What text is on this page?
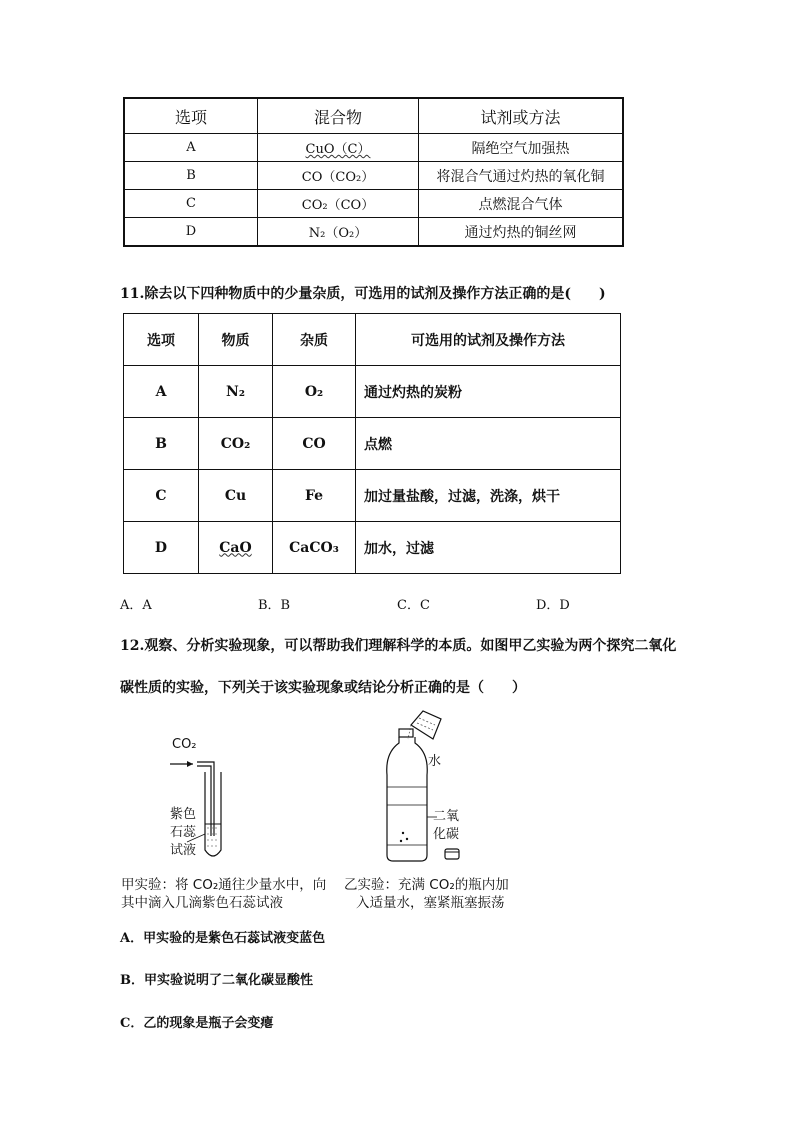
选项	混合物	试剂或方法
A	CuO（C）	隔绝空气加强热
B	CO（CO₂）	将混合气通过灼热的氧化铜
C	CO₂（CO）	点燃混合气体
D	N₂（O₂）	通过灼热的铜丝网
11.除去以下四种物质中的少量杂质，可选用的试剂及操作方法正确的是(　　)
选项	物质	杂质	可选用的试剂及操作方法
A	N₂	O₂	通过灼热的炭粉
B	CO₂	CO	点燃
C	Cu	Fe	加过量盐酸，过滤，洗涤，烘干
D	CaO	CaCO₃	加水，过滤
A．A	B．B	C．C	D．D
12.观察、分析实验现象，可以帮助我们理解科学的本质。如图甲乙实验为两个探究二氧化
碳性质的实验，下列关于该实验现象或结论分析正确的是（　　）
CO₂
紫色
石蕊
试液
水
二氧
化碳
甲实验：将 CO₂通往少量水中，向
其中滴入几滴紫色石蕊试液
乙实验：充满 CO₂的瓶内加
入适量水，塞紧瓶塞振荡
A．甲实验的是紫色石蕊试液变蓝色
B．甲实验说明了二氧化碳显酸性
C．乙的现象是瓶子会变瘪
